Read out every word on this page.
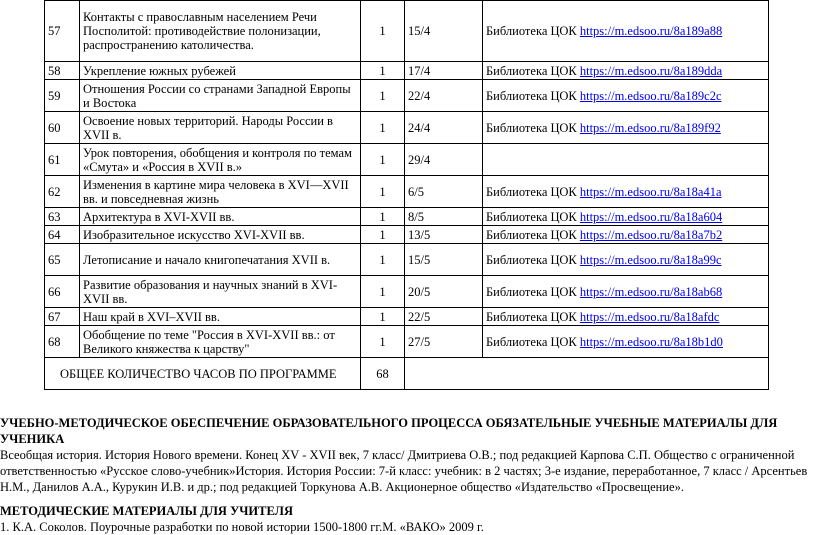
57	Контакты с православным населением Речи Посполитой: противодействие полонизации, распространению католичества.	1	15/4	Библиотека ЦОК https://m.edsoo.ru/8a189a88
58	Укрепление южных рубежей	1	17/4	Библиотека ЦОК https://m.edsoo.ru/8a189dda
59	Отношения России со странами Западной Европы и Востока	1	22/4	Библиотека ЦОК https://m.edsoo.ru/8a189c2c
60	Освоение новых территорий. Народы России в XVII в.	1	24/4	Библиотека ЦОК https://m.edsoo.ru/8a189f92
61	Урок повторения, обобщения и контроля по темам «Смута» и «Россия в XVII в.»	1	29/4	
62	Изменения в картине мира человека в XVI—XVII вв. и повседневная жизнь	1	6/5	Библиотека ЦОК https://m.edsoo.ru/8a18a41a
63	Архитектура в XVI-XVII вв.	1	8/5	Библиотека ЦОК https://m.edsoo.ru/8a18a604
64	Изобразительное искусство XVI-XVII вв.	1	13/5	Библиотека ЦОК https://m.edsoo.ru/8a18a7b2
65	Летописание и начало книгопечатания XVII в.	1	15/5	Библиотека ЦОК https://m.edsoo.ru/8a18a99c
66	Развитие образования и научных знаний в XVI-XVII вв.	1	20/5	Библиотека ЦОК https://m.edsoo.ru/8a18ab68
67	Наш край в XVI–XVII вв.	1	22/5	Библиотека ЦОК https://m.edsoo.ru/8a18afdc
68	Обобщение по теме "Россия в XVI-XVII вв.: от Великого княжества к царству"	1	27/5	Библиотека ЦОК https://m.edsoo.ru/8a18b1d0
ОБЩЕЕ КОЛИЧЕСТВО ЧАСОВ ПО ПРОГРАММЕ		68		
УЧЕБНО-МЕТОДИЧЕСКОЕ ОБЕСПЕЧЕНИЕ ОБРАЗОВАТЕЛЬНОГО ПРОЦЕССА ОБЯЗАТЕЛЬНЫЕ УЧЕБНЫЕ МАТЕРИАЛЫ ДЛЯ УЧЕНИКА
Всеобщая история. История Нового времени. Конец XV - XVII век, 7 класс/ Дмитриева О.В.; под редакцией Карпова С.П. Общество с ограниченной ответственностью «Русское слово-учебник»История. История России: 7-й класс: учебник: в 2 частях; 3-е издание, переработанное, 7 класс / Арсентьев Н.М., Данилов А.А., Курукин И.В. и др.; под редакцией Торкунова А.В. Акционерное общество «Издательство «Просвещение».
МЕТОДИЧЕСКИЕ МАТЕРИАЛЫ ДЛЯ УЧИТЕЛЯ
1. К.А. Соколов. Поурочные разработки по новой истории 1500-1800 гг.М. «ВАКО» 2009 г.
